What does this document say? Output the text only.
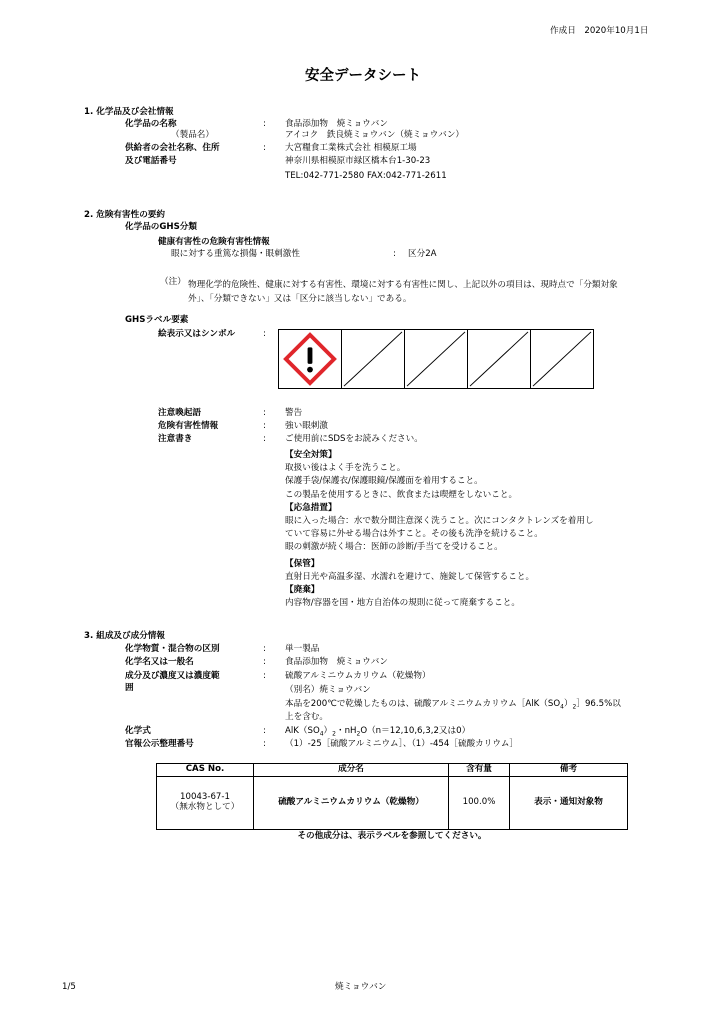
作成日　2020年10月1日
安全データシート
1. 化学品及び会社情報
化学品の名称	: 食品添加物　焼ミョウバン
（製品名）	アイコク　鉄良焼ミョウバン（焼ミョウバン）
供給者の会社名称、住所	: 大宮糧食工業株式会社 相模原工場
及び電話番号	神奈川県相模原市緑区橋本台1-30-23
TEL:042-771-2580 FAX:042-771-2611
2. 危険有害性の要約
化学品のGHS分類
健康有害性の危険有害性情報
眼に対する重篤な損傷・眼刺激性	: 区分2A
（注） 物理化学的危険性、健康に対する有害性、環境に対する有害性に関し、上記以外の項目は、現時点で「分類対象外」、「分類できない」又は「区分に該当しない」である。
GHSラベル要素
絵表示又はシンボル	:
注意喚起語	: 警告
危険有害性情報	: 強い眼刺激
注意書き	: ご使用前にSDSをお読みください。
【安全対策】
取扱い後はよく手を洗うこと。
保護手袋/保護衣/保護眼鏡/保護面を着用すること。
この製品を使用するときに、飲食または喫煙をしないこと。
【応急措置】
眼に入った場合：水で数分間注意深く洗うこと。次にコンタクトレンズを着用し
ていて容易に外せる場合は外すこと。その後も洗浄を続けること。
眼の刺激が続く場合：医師の診断/手当てを受けること。
【保管】
直射日光や高温多湿、水濡れを避けて、施錠して保管すること。
【廃棄】
内容物/容器を国・地方自治体の規則に従って廃棄すること。
3. 組成及び成分情報
化学物質・混合物の区別	: 単一製品
化学名又は一般名	: 食品添加物　焼ミョウバン
成分及び濃度又は濃度範
囲
: 硫酸アルミニウムカリウム（乾燥物）
（別名）焼ミョウバン
本品を200℃で乾燥したものは、硫酸アルミニウムカリウム$[AlK(SO_4)_2]96.5\%$以
上を含む。
化学式	: $AlK(SO_4)_2$・$nH_2O(n=12,10,6,3,2$又は0）
官報公示整理番号	: （1）-25［硫酸アルミニウム］、（1）-454［硫酸カリウム］
CAS No.	成分名	含有量	備考

10043-67-1
（無水物として）	硫酸アルミニウムカリウム（乾燥物）	100.0%	表示・通知対象物
その他成分は、表示ラベルを参照してください。			
1/5	焼ミョウバン
